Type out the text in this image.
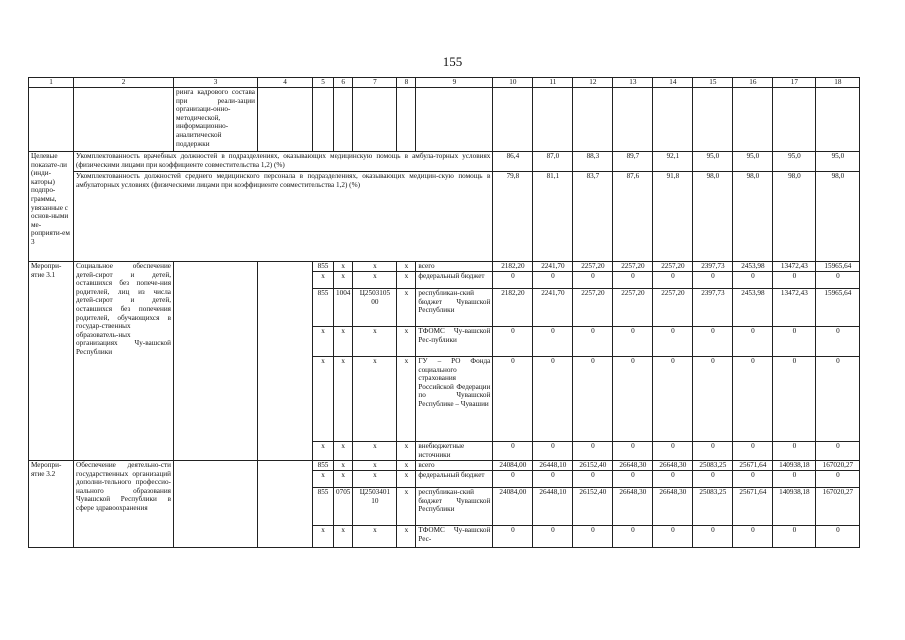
155
1	2	3	4	5	6	7	8	9	10	11	12	13	14	15	16	17	18
		ринга кадрового состава при реали-зации организаци-онно-методической, информационно-аналитической поддержки															
Целевые показате-ли (инди-каторы) подпро-граммы, увязанные с основ-ными ме-роприяти-ем 3	Укомплектованность врачебных должностей в подразделениях, оказывающих медицинскую помощь в амбула-торных условиях (физическими лицами при коэффициенте совместительства 1,2) (%)								86,4	87,0	88,3	89,7	92,1	95,0	95,0	95,0	95,0
	Укомплектованность должностей среднего медицинского персонала в подразделениях, оказывающих медицин-скую помощь в амбулаторных условиях (физическими лицами при коэффициенте совместительства 1,2) (%)								79,8	81,1	83,7	87,6	91,8	98,0	98,0	98,0	98,0
Меропри-ятие 3.1	Социальное обеспечение детей-сирот и детей, оставшихся без попече-ния родителей, лиц из числа детей-сирот и детей, оставшихся без попечения родителей, обучающихся в государ-ственных образователь-ных организациях Чу-вашской Республики			855	х	х	х	всего	2182,20	2241,70	2257,20	2257,20	2257,20	2397,73	2453,98	13472,43	15965,64
				х	х	х	х	федеральный бюджет	0	0	0	0	0	0	0	0	0
				855	1004	Ц2503105 00	х	республикан-ский бюджет Чувашской Республики	2182,20	2241,70	2257,20	2257,20	2257,20	2397,73	2453,98	13472,43	15965,64
				х	х	х	х	ТФОМС Чу-вашской Рес-публики	0	0	0	0	0	0	0	0	0
				х	х	х	х	ГУ – РО Фонда социального страхования Российской Федерации по Чувашской Республике – Чувашии	0	0	0	0	0	0	0	0	0
				х	х	х	х	внебюджетные источники	0	0	0	0	0	0	0	0	0
Меропри-ятие 3.2	Обеспечение деятельно-сти государственных организаций дополни-тельного профессио-нального образования Чувашской Республики в сфере здравоохранения			855	х	х	х	всего	24084,00	26448,10	26152,40	26648,30	26648,30	25083,25	25671,64	140938,18	167020,27
				х	х	х	х	федеральный бюджет	0	0	0	0	0	0	0	0	0
				855	0705	Ц2503401 10	х	республикан-ский бюджет Чувашской Республики	24084,00	26448,10	26152,40	26648,30	26648,30	25083,25	25671,64	140938,18	167020,27
				х	х	х	х	ТФОМС Чу-вашской Рес-	0	0	0	0	0	0	0	0	0
